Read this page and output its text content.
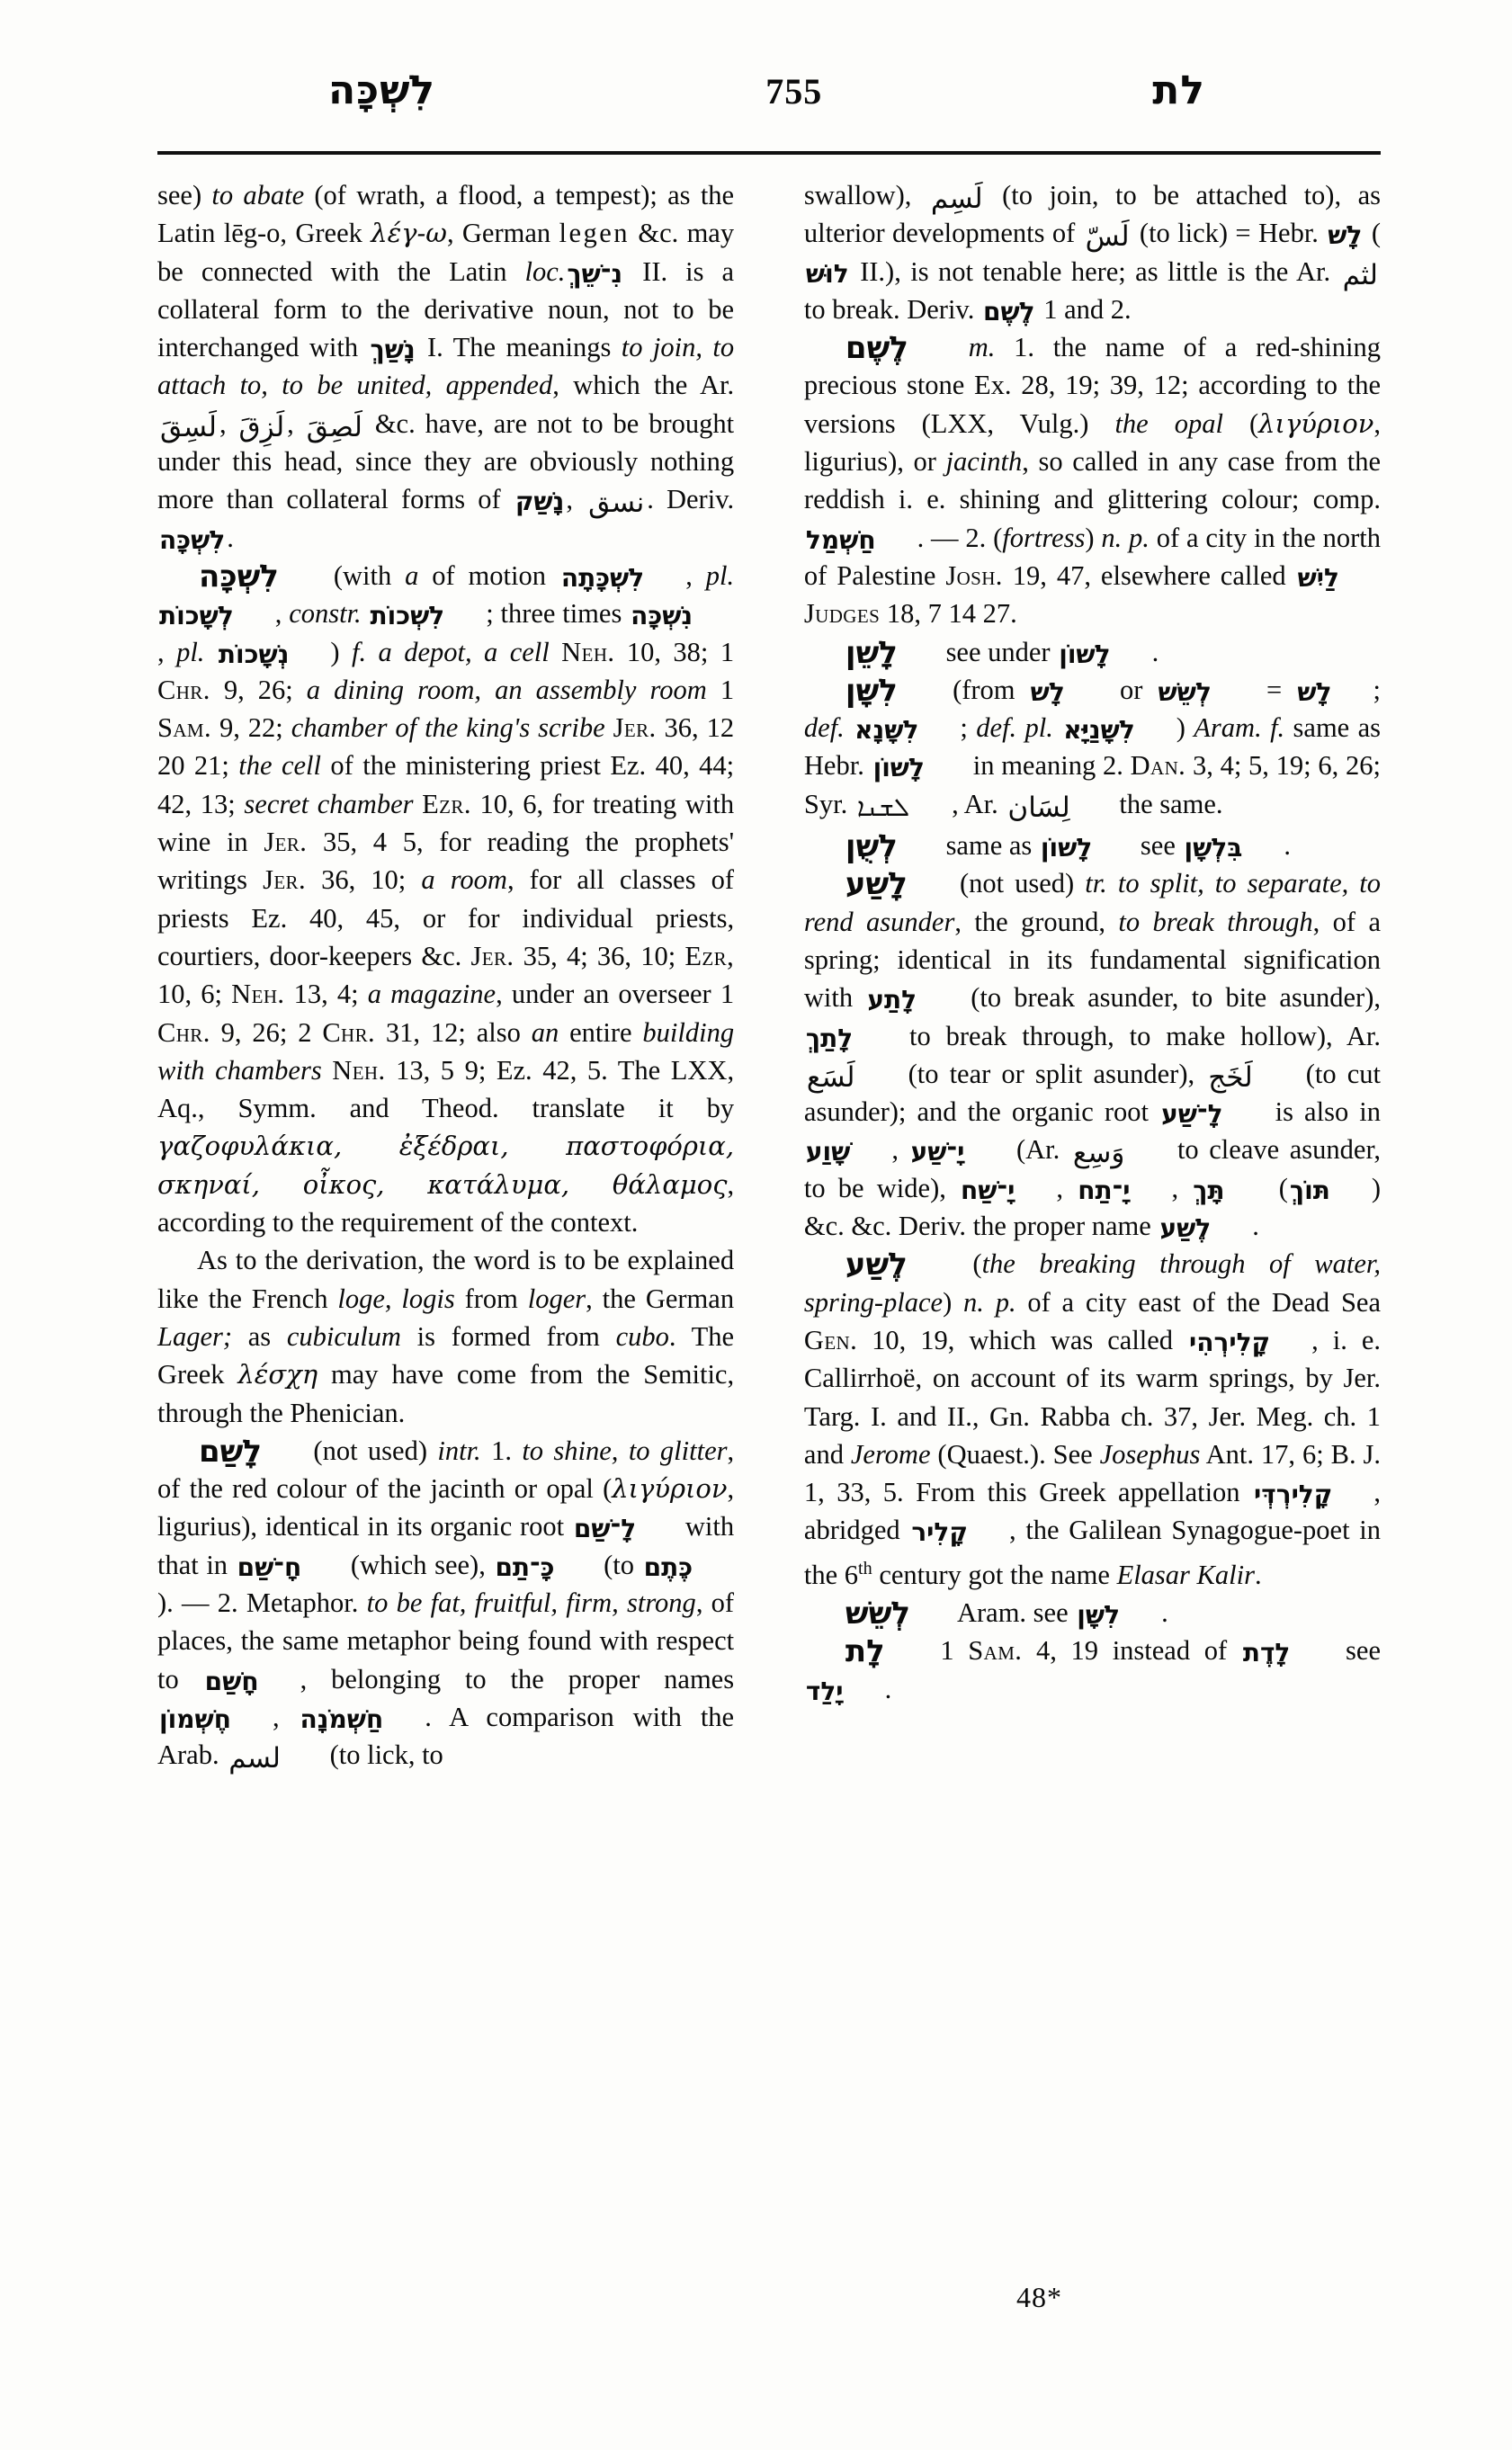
לִשְׁכָּה	755	לת

see) to abate (of wrath, a flood, a tempest); as the Latin lēg-o, Greek λέγ-ω, German legen &c. may be connected with the Latin loc.נִ־שֵׁךְ II. is a collateral form to the derivative noun, not to be interchanged with נָשַׁךְ I. The meanings to join, to attach to, to be united, appended, which the Ar. لَسِقَ, لَزِقَ, لَصِقَ &c. have, are not to be brought under this head, since they are obviously nothing more than collateral forms of נָשַׁק, نسق. Deriv. לִשְׁכָּה.

לִשְׁכָּה (with a of motion לִשְׁכָּתָה , pl. לְשָׁכוֹת , constr. לִשְׁכוֹת ; three times נִשְׁכָּה, pl. נְשָׁכוֹת ) f. a depot, a cell Neh. 10, 38; 1 Chr. 9, 26; a dining room, an assembly room 1 Sam. 9, 22; chamber of the king's scribe Jer. 36, 12 20 21; the cell of the ministering priest Ez. 40, 44; 42, 13; secret chamber Ezr. 10, 6, for treating with wine in Jer. 35, 4 5, for reading the prophets' writings Jer. 36, 10; a room, for all classes of priests Ez. 40, 45, or for individual priests, courtiers, door-keepers &c. Jer. 35, 4; 36, 10; Ezr, 10, 6; Neh. 13, 4; a magazine, under an overseer 1 Chr. 9, 26; 2 Chr. 31, 12; also an entire building with chambers Neh. 13, 5 9; Ez. 42, 5. The LXX, Aq., Symm. and Theod. translate it by γαζοφυλάκια, ἐξέδραι, παστοφόρια, σκηναί, οἶκος, κατάλυμα, θάλαμος, according to the requirement of the context.

As to the derivation, the word is to be explained like the French loge, logis from loger, the German Lager; as cubiculum is formed from cubo. The Greek λέσχη may have come from the Semitic, through the Phenician.

לָשַׁם (not used) intr. 1. to shine, to glitter, of the red colour of the jacinth or opal (λιγύριον, ligurius), identical in its organic root לָ־שַׁם with that in חָ־שַׁם (which see), כָּ־תַם (to כֶּתֶם). — 2. Metaphor. to be fat, fruitful, firm, strong, of places, the same metaphor being found with respect to חָשַׁם , belonging to the proper names חֶשְׁמוֹן , חַשְׁמֹנָה . A comparison with the Arab. لسم (to lick, to

swallow), لَسِم (to join, to be attached to), as ulterior developments of لَسّ (to lick) = Hebr. לָשׁ (לוּשׁ II.), is not tenable here; as little is the Ar. لثم to break. Deriv. לֶשֶׁם 1 and 2.

לֶשֶׁם m. 1. the name of a red-shining precious stone Ex. 28, 19; 39, 12; according to the versions (LXX, Vulg.) the opal (λιγύριον, ligurius), or jacinth, so called in any case from the reddish i. e. shining and glittering colour; comp. חַשְׁמַל . — 2. (fortress) n. p. of a city in the north of Palestine Josh. 19, 47, elsewhere called לַיִשׁ Judges 18, 7 14 27.

לָשֵׁן see under לָשׁוֹן .

לִשָּׁן (from לָשׁ or לְשֵׁשׁ = לָשׁ ; def. לִשָּׁנָא ; def. pl. לִשָּׁנַיָּא ) Aram. f. same as Hebr. לָשׁוֹן in meaning 2. Dan. 3, 4; 5, 19; 6, 26; Syr. ܠܫܢܐ , Ar. لِسَان the same.

לְשֻׁן same as לָשׁוֹן see בִּלְשָׁן .

לָשַׁע (not used) tr. to split, to separate, to rend asunder, the ground, to break through, of a spring; identical in its fundamental signification with לָתַע (to break asunder, to bite asunder), לָתַךְ to break through, to make hollow), Ar. لَسَع (to tear or split asunder), لَخَج (to cut asunder); and the organic root לָ־שַׁע is also in שָׁוַע , יָ־שַׁע (Ar. وَسِع to cleave asunder, to be wide), יָ־שַׁח , יָ־תַח , תָּךְ (תּוֹךְ ) &c. &c. Deriv. the proper name לֶשַׁע .

לֶשַׁע (the breaking through of water, spring-place) n. p. of a city east of the Dead Sea Gen. 10, 19, which was called קָלִירְהִי , i. e. Callirrhoë, on account of its warm springs, by Jer. Targ. I. and II., Gn. Rabba ch. 37, Jer. Meg. ch. 1 and Jerome (Quaest.). See Josephus Ant. 17, 6; B. J. 1, 33, 5. From this Greek appellation קָלִירְדְּי , abridged קָלִיר , the Galilean Synagogue-poet in the 6th century got the name Elasar Kalir.

לְשֵׁשׁ Aram. see לִשָּׁן .

לָת 1 Sam. 4, 19 instead of לָדֶת see יָלַד .

48*
